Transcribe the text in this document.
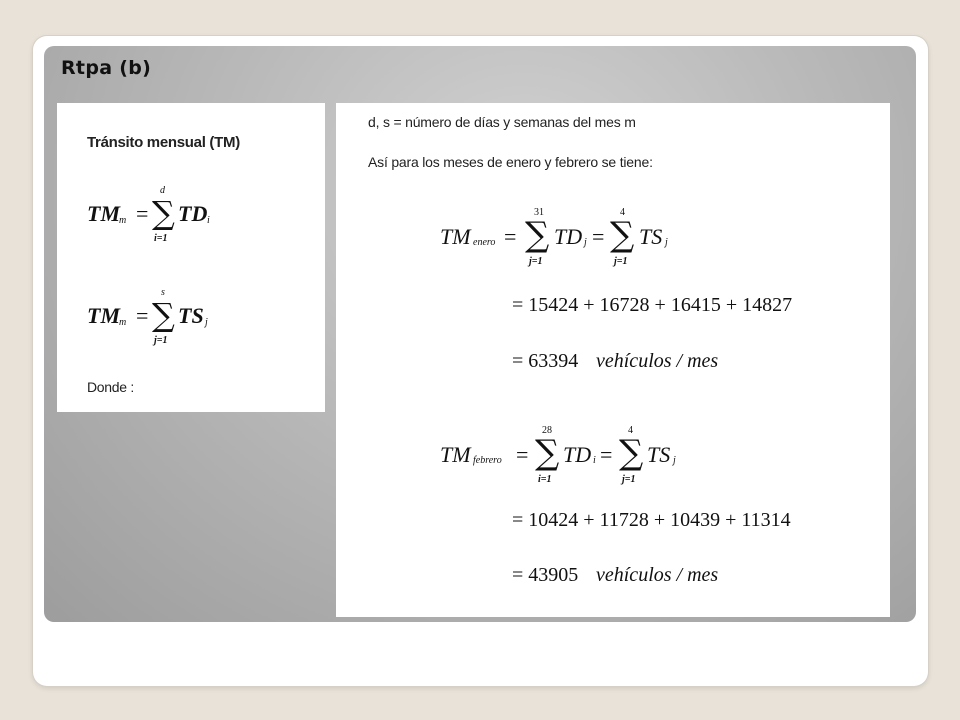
Rtpa (b)
Tránsito mensual (TM)
TM m =
d
∑
i=1
TD i
TM m =
s
∑
j=1
TS j
Donde :
d, s = número de días y semanas del mes m
Así para los meses de enero y febrero se tiene:
TM enero =
31
∑
j=1
TD j =
4
∑
j=1
TS j
= 15424 + 16728 + 16415 + 14827
= 63394 vehículos / mes
TM febrero =
28
∑
i=1
TD i =
4
∑
j=1
TS j
= 10424 + 11728 + 10439 + 11314
= 43905 vehículos / mes
